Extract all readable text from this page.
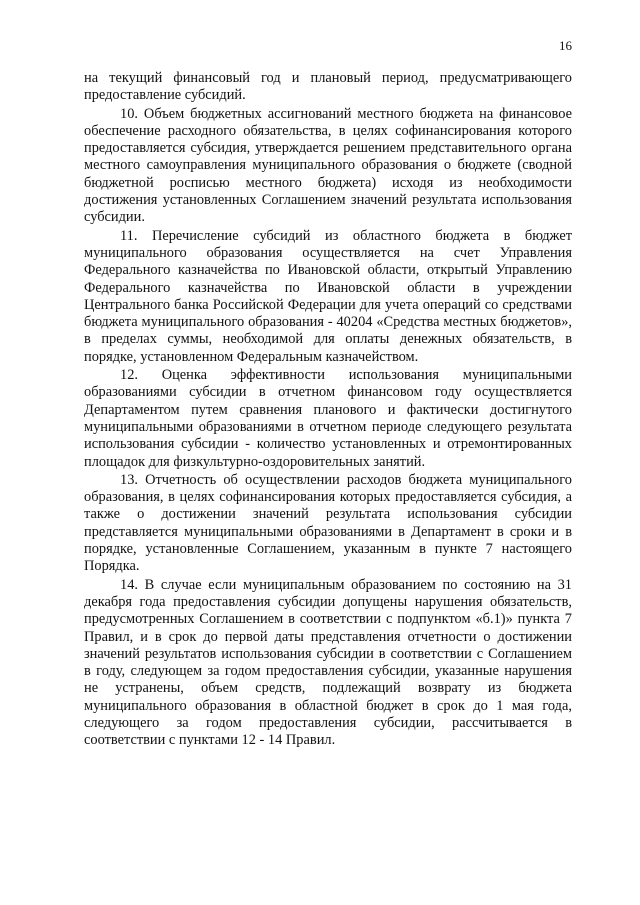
16

на текущий финансовый год и плановый период, предусматривающего предоставление субсидий.

10. Объем бюджетных ассигнований местного бюджета на финансовое обеспечение расходного обязательства, в целях софинансирования которого предоставляется субсидия, утверждается решением представительного органа местного самоуправления муниципального образования о бюджете (сводной бюджетной росписью местного бюджета) исходя из необходимости достижения установленных Соглашением значений результата использования субсидии.

11. Перечисление субсидий из областного бюджета в бюджет муниципального образования осуществляется на счет Управления Федерального казначейства по Ивановской области, открытый Управлению Федерального казначейства по Ивановской области в учреждении Центрального банка Российской Федерации для учета операций со средствами бюджета муниципального образования - 40204 «Средства местных бюджетов», в пределах суммы, необходимой для оплаты денежных обязательств, в порядке, установленном Федеральным казначейством.

12. Оценка эффективности использования муниципальными образованиями субсидии в отчетном финансовом году осуществляется Департаментом путем сравнения планового и фактически достигнутого муниципальными образованиями в отчетном периоде следующего результата использования субсидии - количество установленных и отремонтированных площадок для физкультурно-оздоровительных занятий.

13. Отчетность об осуществлении расходов бюджета муниципального образования, в целях софинансирования которых предоставляется субсидия, а также о достижении значений результата использования субсидии представляется муниципальными образованиями в Департамент в сроки и в порядке, установленные Соглашением, указанным в пункте 7 настоящего Порядка.

14. В случае если муниципальным образованием по состоянию на 31 декабря года предоставления субсидии допущены нарушения обязательств, предусмотренных Соглашением в соответствии с подпунктом «б.1)» пункта 7 Правил, и в срок до первой даты представления отчетности о достижении значений результатов использования субсидии в соответствии с Соглашением в году, следующем за годом предоставления субсидии, указанные нарушения не устранены, объем средств, подлежащий возврату из бюджета муниципального образования в областной бюджет в срок до 1 мая года, следующего за годом предоставления субсидии, рассчитывается в соответствии с пунктами 12 - 14 Правил.
